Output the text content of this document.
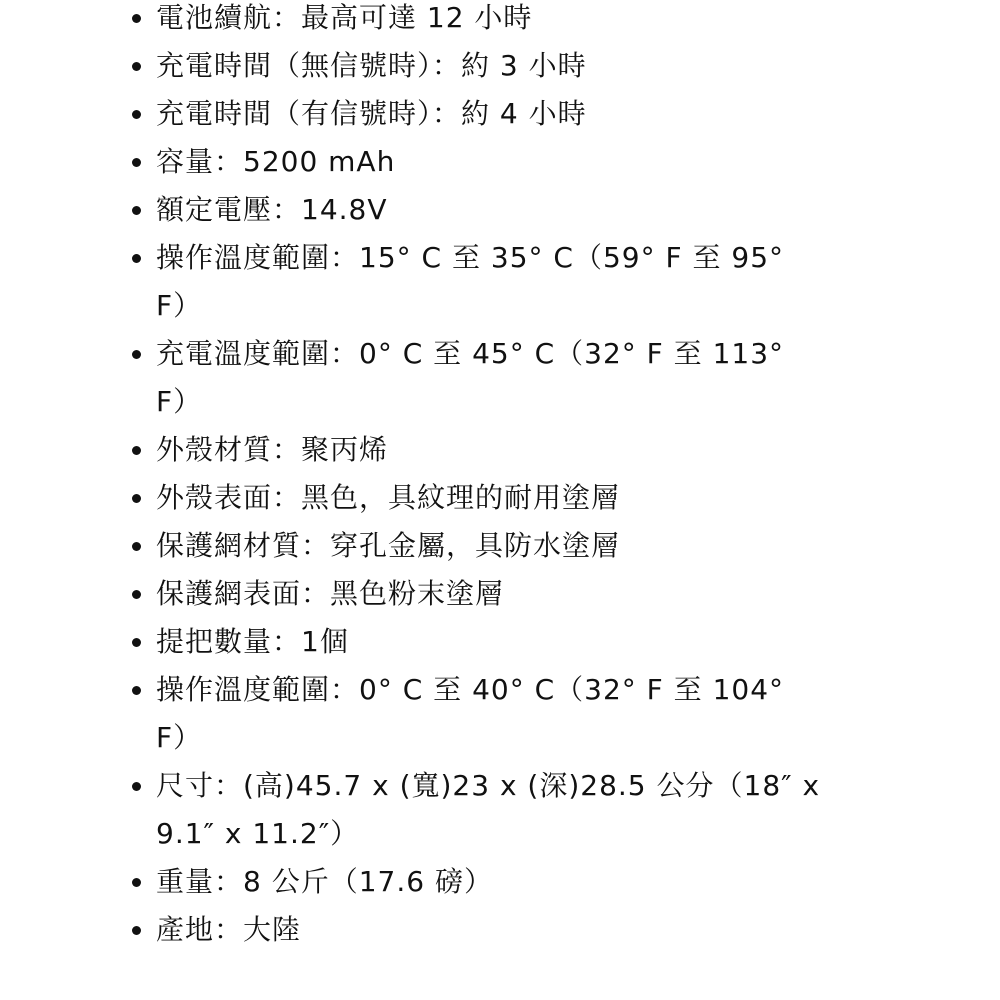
電池續航：最高可達 12 小時
充電時間（無信號時）：約 3 小時
充電時間（有信號時）：約 4 小時
容量：5200 mAh
額定電壓：14.8V
操作溫度範圍：15° C 至 35° C（59° F 至 95° F）
充電溫度範圍：0° C 至 45° C（32° F 至 113° F）
外殼材質：聚丙烯
外殼表面：黑色，具紋理的耐用塗層
保護網材質：穿孔金屬，具防水塗層
保護網表面：黑色粉末塗層
提把數量：1個
操作溫度範圍：0° C 至 40° C（32° F 至 104° F）
尺寸：(高)45.7 x (寬)23 x (深)28.5 公分（18″ x 9.1″ x 11.2″）
重量：8 公斤（17.6 磅）
產地：大陸
